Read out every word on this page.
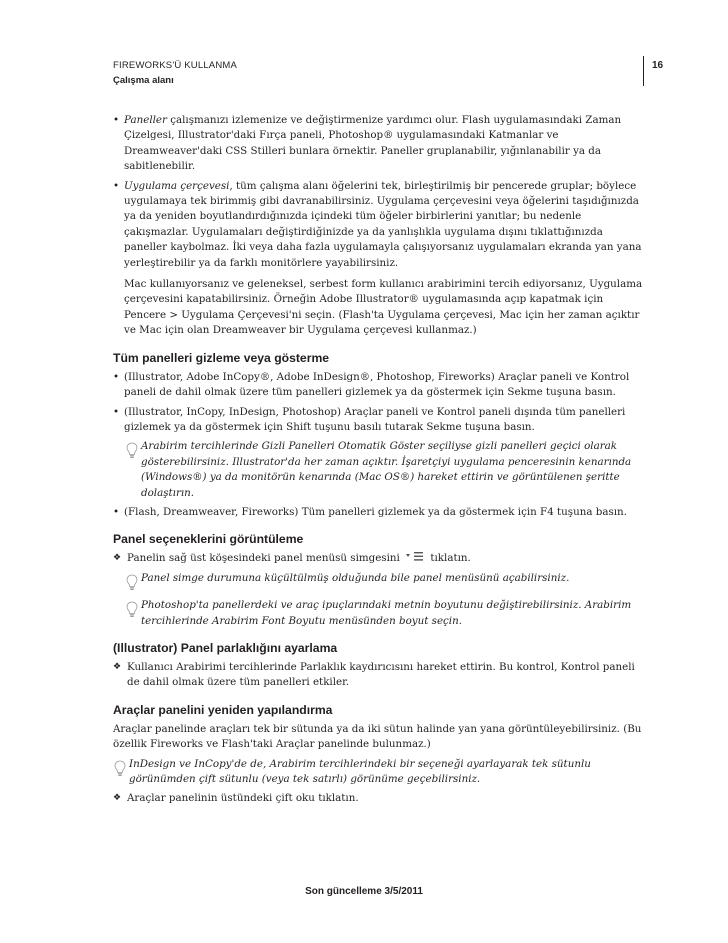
FIREWORKS'Ü KULLANMA
Çalışma alanı
16
• Paneller çalışmanızı izlemenize ve değiştirmenize yardımcı olur. Flash uygulamasındaki Zaman Çizelgesi, Illustrator'daki Fırça paneli, Photoshop® uygulamasındaki Katmanlar ve Dreamweaver'daki CSS Stilleri bunlara örnektir. Paneller gruplanabilir, yığınlanabilir ya da sabitlenebilir.
• Uygulama çerçevesi, tüm çalışma alanı öğelerini tek, birleştirilmiş bir pencerede gruplar; böylece uygulamaya tek birimmiş gibi davranabilirsiniz. Uygulama çerçevesini veya öğelerini taşıdığınızda ya da yeniden boyutlandırdığınızda içindeki tüm öğeler birbirlerini yanıtlar; bu nedenle çakışmazlar. Uygulamaları değiştirdiğinizde ya da yanlışlıkla uygulama dışını tıklattığınızda paneller kaybolmaz. İki veya daha fazla uygulamayla çalışıyorsanız uygulamaları ekranda yan yana yerleştirebilir ya da farklı monitörlere yayabilirsiniz.
Mac kullanıyorsanız ve geleneksel, serbest form kullanıcı arabirimini tercih ediyorsanız, Uygulama çerçevesini kapatabilirsiniz. Örneğin Adobe Illustrator® uygulamasında açıp kapatmak için Pencere > Uygulama Çerçevesi'ni seçin. (Flash'ta Uygulama çerçevesi, Mac için her zaman açıktır ve Mac için olan Dreamweaver bir Uygulama çerçevesi kullanmaz.)
Tüm panelleri gizleme veya gösterme
• (Illustrator, Adobe InCopy®, Adobe InDesign®, Photoshop, Fireworks) Araçlar paneli ve Kontrol paneli de dahil olmak üzere tüm panelleri gizlemek ya da göstermek için Sekme tuşuna basın.
• (Illustrator, InCopy, InDesign, Photoshop) Araçlar paneli ve Kontrol paneli dışında tüm panelleri gizlemek ya da göstermek için Shift tuşunu basılı tutarak Sekme tuşuna basın.
Arabirim tercihlerinde Gizli Panelleri Otomatik Göster seçiliyse gizli panelleri geçici olarak gösterebilirsiniz. Illustrator'da her zaman açıktır. İşaretçiyi uygulama penceresinin kenarında (Windows®) ya da monitörün kenarında (Mac OS®) hareket ettirin ve görüntülenen şeritte dolaştırın.
• (Flash, Dreamweaver, Fireworks) Tüm panelleri gizlemek ya da göstermek için F4 tuşuna basın.
Panel seçeneklerini görüntüleme
❖ Panelin sağ üst köşesindeki panel menüsü simgesini	tıklatın.
Panel simge durumuna küçültülmüş olduğunda bile panel menüsünü açabilirsiniz.
Photoshop'ta panellerdeki ve araç ipuçlarındaki metnin boyutunu değiştirebilirsiniz. Arabirim tercihlerinde Arabirim Font Boyutu menüsünden boyut seçin.
(Illustrator) Panel parlaklığını ayarlama
❖ Kullanıcı Arabirimi tercihlerinde Parlaklık kaydırıcısını hareket ettirin. Bu kontrol, Kontrol paneli de dahil olmak üzere tüm panelleri etkiler.
Araçlar panelini yeniden yapılandırma
Araçlar panelinde araçları tek bir sütunda ya da iki sütun halinde yan yana görüntüleyebilirsiniz. (Bu özellik Fireworks ve Flash'taki Araçlar panelinde bulunmaz.)
InDesign ve InCopy'de de, Arabirim tercihlerindeki bir seçeneği ayarlayarak tek sütunlu görünümden çift sütunlu (veya tek satırlı) görünüme geçebilirsiniz.
❖ Araçlar panelinin üstündeki çift oku tıklatın.
Son güncelleme 3/5/2011
